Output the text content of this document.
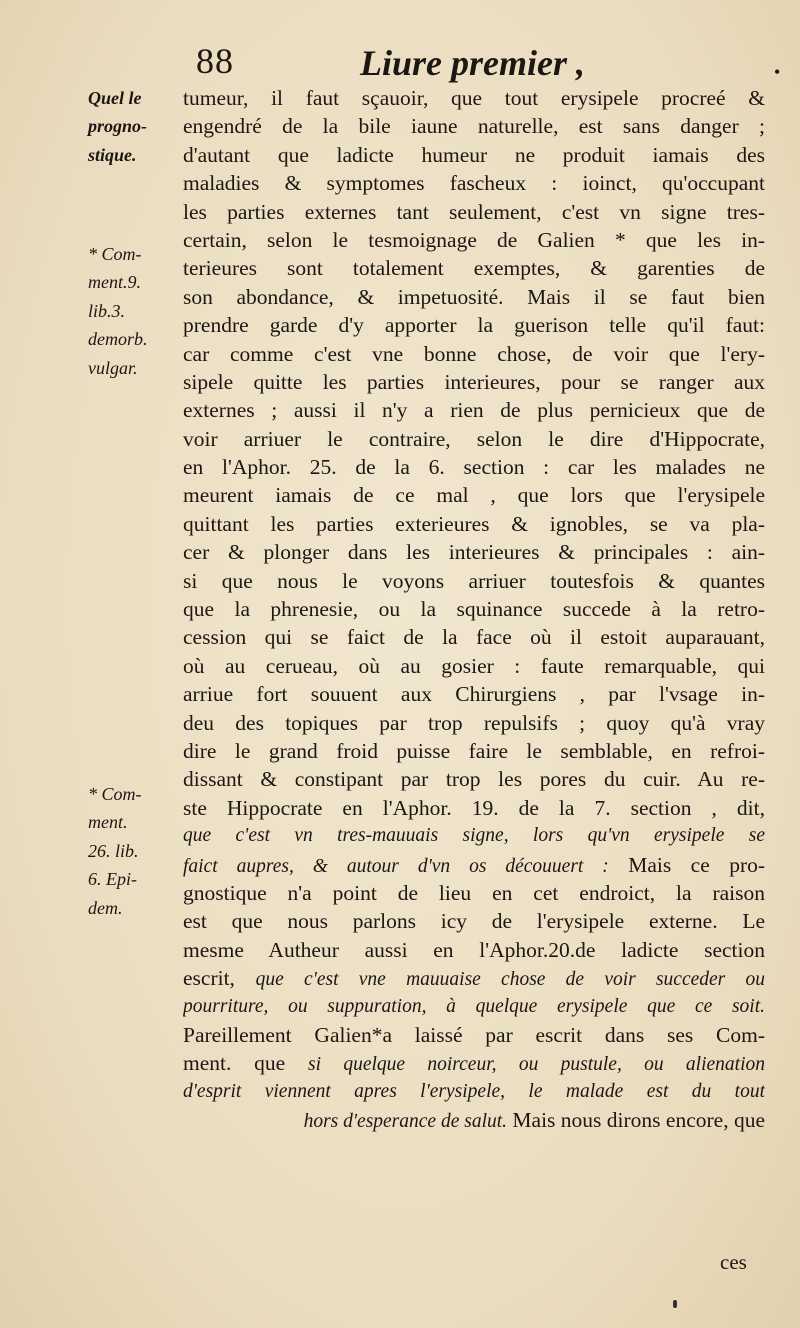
88	Liure premier ,	•
Quel le
progno-
stique.
* Com-
ment.9.
lib.3.
demorb.
vulgar.
* Com-
ment.
26. lib.
6. Epi-
dem.
tumeur, il faut sçauoir, que tout erysipele procreé &
engendré de la bile iaune naturelle, est sans danger ;
d'autant que ladicte humeur ne produit iamais des
maladies & symptomes fascheux : ioinct, qu'occupant
les parties externes tant seulement, c'est vn signe tres-
certain, selon le tesmoignage de Galien * que les in-
terieures sont totalement exemptes, & garenties de
son abondance, & impetuosité. Mais il se faut bien
prendre garde d'y apporter la guerison telle qu'il faut:
car comme c'est vne bonne chose, de voir que l'ery-
sipele quitte les parties interieures, pour se ranger aux
externes ; aussi il n'y a rien de plus pernicieux que de
voir arriuer le contraire, selon le dire d'Hippocrate,
en l'Aphor. 25. de la 6. section : car les malades ne
meurent iamais de ce mal , que lors que l'erysipele
quittant les parties exterieures & ignobles, se va pla-
cer & plonger dans les interieures & principales : ain-
si que nous le voyons arriuer toutesfois & quantes
que la phrenesie, ou la squinance succede à la retro-
cession qui se faict de la face où il estoit auparauant,
où au cerueau, où au gosier : faute remarquable, qui
arriue fort souuent aux Chirurgiens , par l'vsage in-
deu des topiques par trop repulsifs ; quoy qu'à vray
dire le grand froid puisse faire le semblable, en refroi-
dissant & constipant par trop les pores du cuir. Au re-
ste Hippocrate en l'Aphor. 19. de la 7. section , dit,
que c'est vn tres-mauuais signe, lors qu'vn erysipele se
faict aupres, & autour d'vn os découuert : Mais ce pro-
gnostique n'a point de lieu en cet endroict, la raison
est que nous parlons icy de l'erysipele externe. Le
mesme Autheur aussi en l'Aphor.20.de ladicte section
escrit, que c'est vne mauuaise chose de voir succeder ou
pourriture, ou suppuration, à quelque erysipele que ce soit.
Pareillement Galien*a laissé par escrit dans ses Com-
ment. que si quelque noirceur, ou pustule, ou alienation
d'esprit viennent apres l'erysipele, le malade est du tout
hors d'esperance de salut. Mais nous dirons encore, que
ces
